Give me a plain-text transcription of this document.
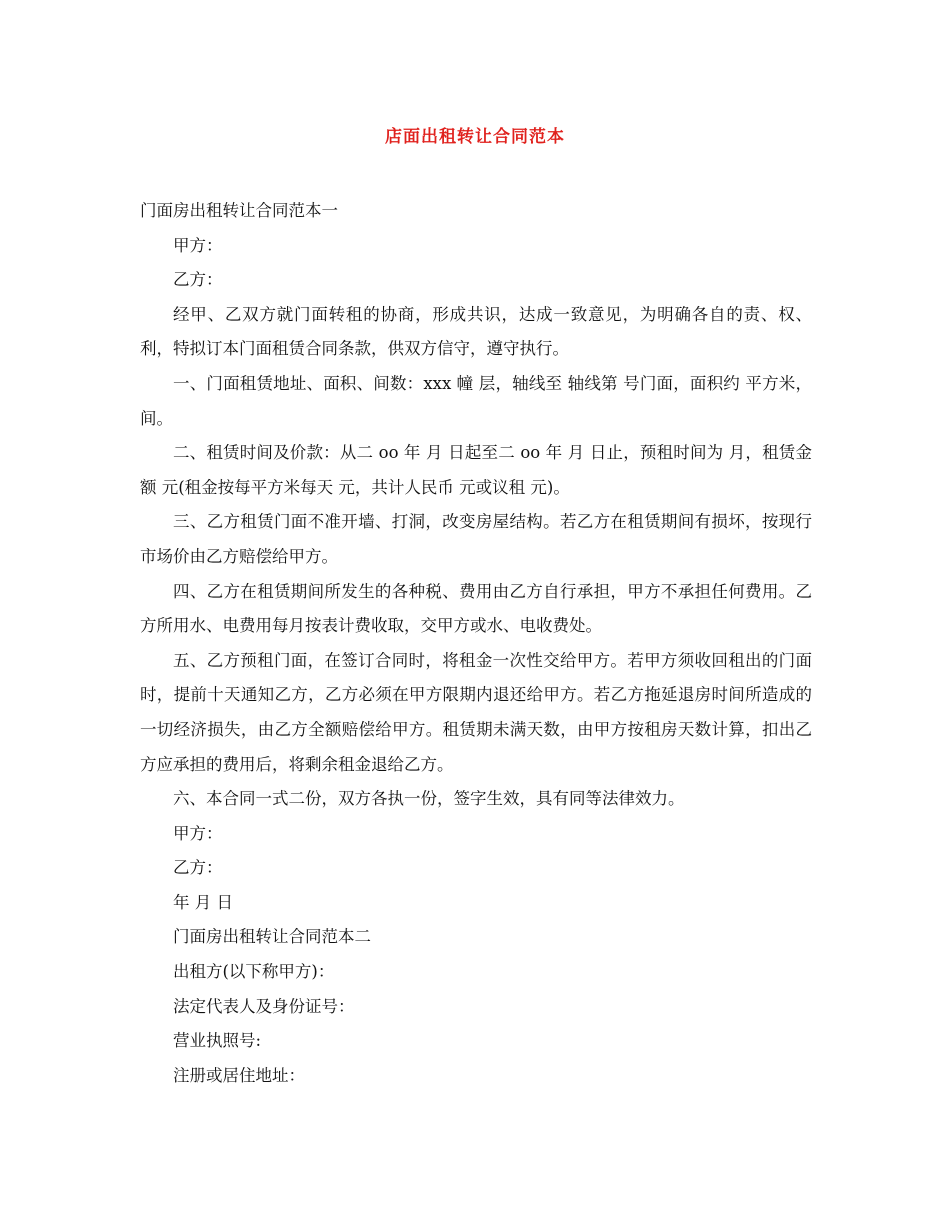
店面出租转让合同范本

门面房出租转让合同范本一

甲方：

乙方：

经甲、乙双方就门面转租的协商，形成共识，达成一致意见，为明确各自的责、权、利，特拟订本门面租赁合同条款，供双方信守，遵守执行。

一、门面租赁地址、面积、间数：xxx 幢 层，轴线至 轴线第 号门面，面积约 平方米， 间。

二、租赁时间及价款：从二 oo 年 月 日起至二 oo 年 月 日止，预租时间为 月，租赁金额 元(租金按每平方米每天 元，共计人民币 元或议租 元)。

三、乙方租赁门面不准开墙、打洞，改变房屋结构。若乙方在租赁期间有损坏，按现行市场价由乙方赔偿给甲方。

四、乙方在租赁期间所发生的各种税、费用由乙方自行承担，甲方不承担任何费用。乙方所用水、电费用每月按表计费收取，交甲方或水、电收费处。

五、乙方预租门面，在签订合同时，将租金一次性交给甲方。若甲方须收回租出的门面时，提前十天通知乙方，乙方必须在甲方限期内退还给甲方。若乙方拖延退房时间所造成的一切经济损失，由乙方全额赔偿给甲方。租赁期未满天数，由甲方按租房天数计算，扣出乙方应承担的费用后，将剩余租金退给乙方。

六、本合同一式二份，双方各执一份，签字生效，具有同等法律效力。

甲方：

乙方：

年 月 日

门面房出租转让合同范本二

出租方(以下称甲方)：

法定代表人及身份证号：

营业执照号:

注册或居住地址：
